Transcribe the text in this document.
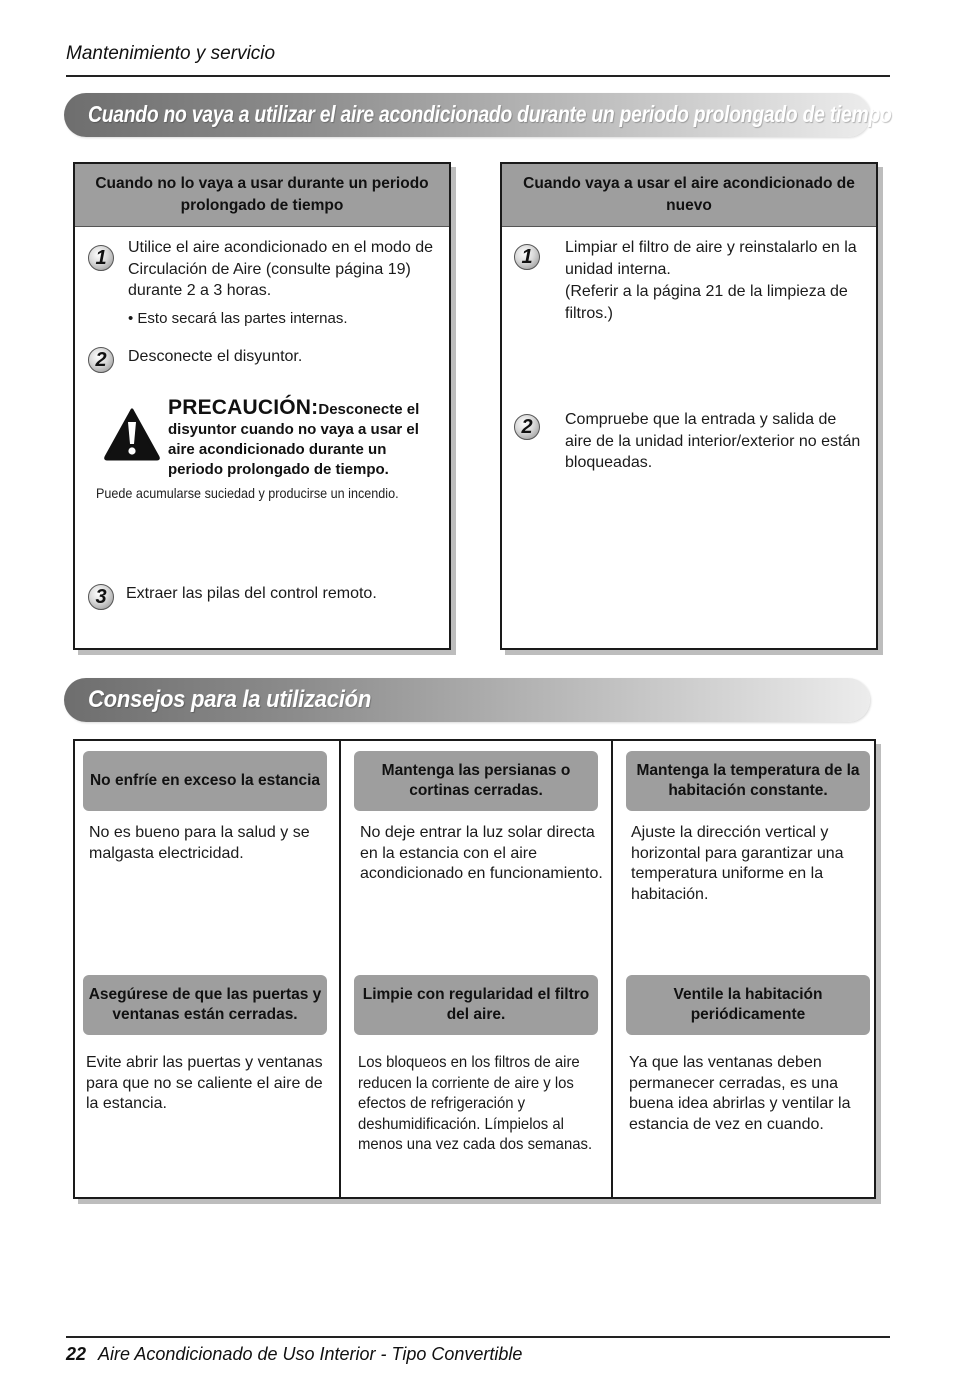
Mantenimiento y servicio
Cuando no vaya a utilizar el aire acondicionado durante un periodo prolongado de tiempo
Cuando no lo vaya a usar durante un periodo prolongado de tiempo
1	Utilice el aire acondicionado en el modo de Circulación de Aire (consulte página 19) durante 2 a 3 horas.
• Esto secará las partes internas.
2	Desconecte el disyuntor.
PRECAUCIÓN:Desconecte el disyuntor cuando no vaya a usar el aire acondicionado durante un periodo prolongado de tiempo.
Puede acumularse suciedad y producirse un incendio.
3	Extraer las pilas del control remoto.
Cuando vaya a usar el aire acondicionado de nuevo
1	Limpiar el filtro de aire y reinstalarlo en la unidad interna.
(Referir a la página 21 de la limpieza de filtros.)
2	Compruebe que la entrada y salida de aire de la unidad interior/exterior no están bloqueadas.
Consejos para la utilización
No enfríe en exceso la estancia
No es bueno para la salud y se malgasta electricidad.
Mantenga las persianas o cortinas cerradas.
No deje entrar la luz solar directa en la estancia con el aire acondicionado en funcionamiento.
Mantenga la temperatura de la habitación constante.
Ajuste la dirección vertical y horizontal para garantizar una temperatura uniforme en la habitación.
Asegúrese de que las puertas y ventanas están cerradas.
Evite abrir las puertas y ventanas para que no se caliente el aire de la estancia.
Limpie con regularidad el filtro del aire.
Los bloqueos en los filtros de aire reducen la corriente de aire y los efectos de refrigeración y deshumidificación. Límpielos al menos una vez cada dos semanas.
Ventile la habitación periódicamente
Ya que las ventanas deben permanecer cerradas, es una buena idea abrirlas y ventilar la estancia de vez en cuando.
22 Aire Acondicionado de Uso Interior - Tipo Convertible
